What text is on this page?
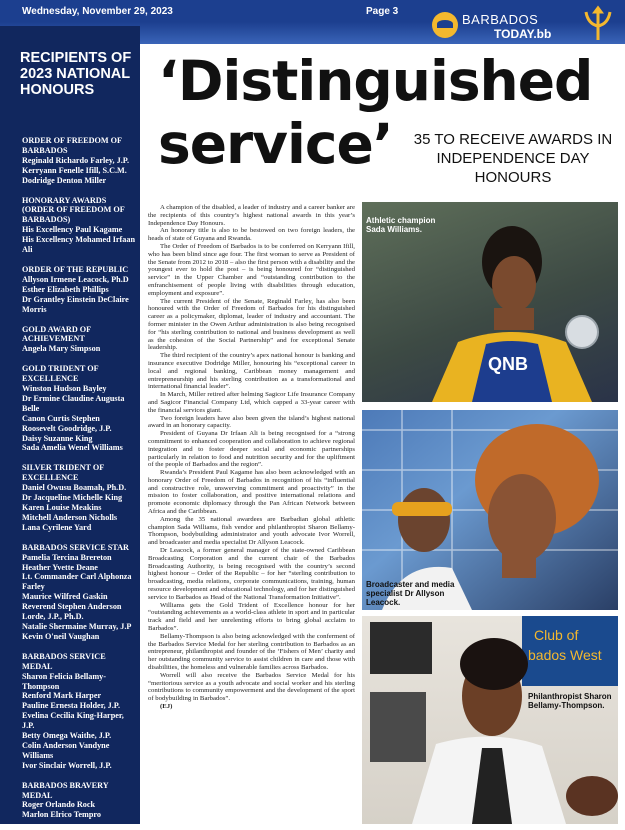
Wednesday, November 29, 2023	Page 3
BARBADOS
TODAY.bb
RECIPIENTS OF 2023 NATIONAL HONOURS
ORDER OF FREEDOM OF BARBADOS
Reginald Richardo Farley, J.P.
Kerryann Fenelle Ifill, S.C.M.
Dodridge Denton Miller
HONORARY AWARDS (ORDER OF FREEDOM OF BARBADOS)
His Excellency Paul Kagame
His Excellency Mohamed Irfaan Ali
ORDER OF THE REPUBLIC
Allyson Irmene Leacock, Ph.D
Esther Elizabeth Phillips
Dr Grantley Einstein DeClaire Morris
GOLD AWARD OF ACHIEVEMENT
Angela Mary Simpson
GOLD TRIDENT OF EXCELLENCE
Winston Hudson Bayley
Dr Ermine Claudine Augusta Belle
Canon Curtis Stephen
Roosevelt Goodridge, J.P.
Daisy Suzanne King
Sada Amelia Wenel Williams
SILVER TRIDENT OF EXCELLENCE
Daniel Owusu Boamah, Ph.D.
Dr Jacqueline Michelle King
Karen Louise Meakins
Mitchell Anderson Nicholls
Lana Cyrilene Yard
BARBADOS SERVICE STAR
Pamelia Tercina Brereton
Heather Yvette Deane
Lt. Commander Carl Alphonza Farley
Maurice Wilfred Gaskin
Reverend Stephen Anderson Lorde, J.P., Ph.D.
Natalie Shermaine Murray, J.P
Kevin O'neil Vaughan
BARBADOS SERVICE MEDAL
Sharon Felicia Bellamy-Thompson
Renford Mark Harper
Pauline Ernesta Holder, J.P.
Evelina Cecilia King-Harper, J.P.
Betty Omega Waithe, J.P.
Colin Anderson Vandyne Williams
Ivor Sinclair Worrell, J.P.
BARBADOS BRAVERY MEDAL
Roger Orlando Rock
Marlon Elrico Tempro
‘Distinguished
service’	35 TO RECEIVE AWARDS IN INDEPENDENCE DAY HONOURS

A champion of the disabled, a leader of industry and a career banker are the recipients of this country’s highest national awards in this year’s Independence Day Honours.

An honorary title is also to be bestowed on two foreign leaders, the heads of state of Guyana and Rwanda.

The Order of Freedom of Barbados is to be conferred on Kerryann Ifill, who has been blind since age four. The first woman to serve as President of the Senate from 2012 to 2018 – also the first person with a disability and the youngest ever to hold the post – is being honoured for “distinguished service” in the Upper Chamber and “outstanding contribution to the enfranchisement of people living with disabilities through education, employment and exposure”.

The current President of the Senate, Reginald Farley, has also been honoured with the Order of Freedom of Barbados for his distinguished career as a policymaker, diplomat, leader of industry and accountant. The former minister in the Owen Arthur administration is also being recognised for “his sterling contribution to national and business development as well as the cohesion of the Social Partnership” and for exceptional Senate leadership.

The third recipient of the country’s apex national honour is banking and insurance executive Dodridge Miller, honouring his “exceptional career in local and regional banking, Caribbean money management and entrepreneurship and his sterling contribution as a transformational and international financial leader”.

In March, Miller retired after helming Sagicor Life Insurance Company and Sagicor Financial Company Ltd, which capped a 33-year career with the financial services giant.

Two foreign leaders have also been given the island’s highest national award in an honorary capacity.

President of Guyana Dr Irfaan Ali is being recognised for a “strong commitment to enhanced cooperation and collaboration to achieve regional integration and to foster deeper social and economic partnerships particularly in relation to food and nutrition security and for the upliftment of the people of Barbados and the region”.

Rwanda’s President Paul Kagame has also been acknowledged with an honorary Order of Freedom of Barbados in recognition of his “influential and constructive role, unswerving commitment and proactivity” in the mission to foster collaboration, and positive international relations and promote economic diplomacy through the Pan African Network between Africa and the Caribbean.

Among the 35 national awardees are Barbadian global athletic champion Sada Williams, fish vendor and philanthropist Sharon Bellamy-Thompson, bodybuilding administrator and youth advocate Ivor Worrell, and broadcaster and media specialist Dr Allyson Leacock.

Dr Leacock, a former general manager of the state-owned Caribbean Broadcasting Corporation and the current chair of the Barbados Broadcasting Authority, is being recognised with the country’s second highest honour – Order of the Republic – for her “sterling contribution to broadcasting, media relations, corporate communications, training, human resource development and educational technology, and for her distinguished service to Barbados as Head of the National Transformation Initiative”.

Williams gets the Gold Trident of Excellence honour for her “outstanding achievements as a world-class athlete in sport and in particular track and field and her unrelenting efforts to bring global acclaim to Barbados”.

Bellamy-Thompson is also being acknowledged with the conferment of the Barbados Service Medal for her sterling contribution to Barbados as an entrepreneur, philanthropist and founder of the ‘Fishers of Men’ charity and her outstanding community service to assist children in care and those with disabilities, the homeless and vulnerable families across Barbados.

Worrell will also receive the Barbados Service Medal for his “meritorious service as a youth advocate and social worker and his sterling contributions to community empowerment and the development of the sport of bodybuilding in Barbados”.

(EJ)

QNB
Athletic champion Sada Williams.
Broadcaster and media specialist Dr Allyson Leacock.
Club of
bados West
Philanthropist Sharon Bellamy-Thompson.
